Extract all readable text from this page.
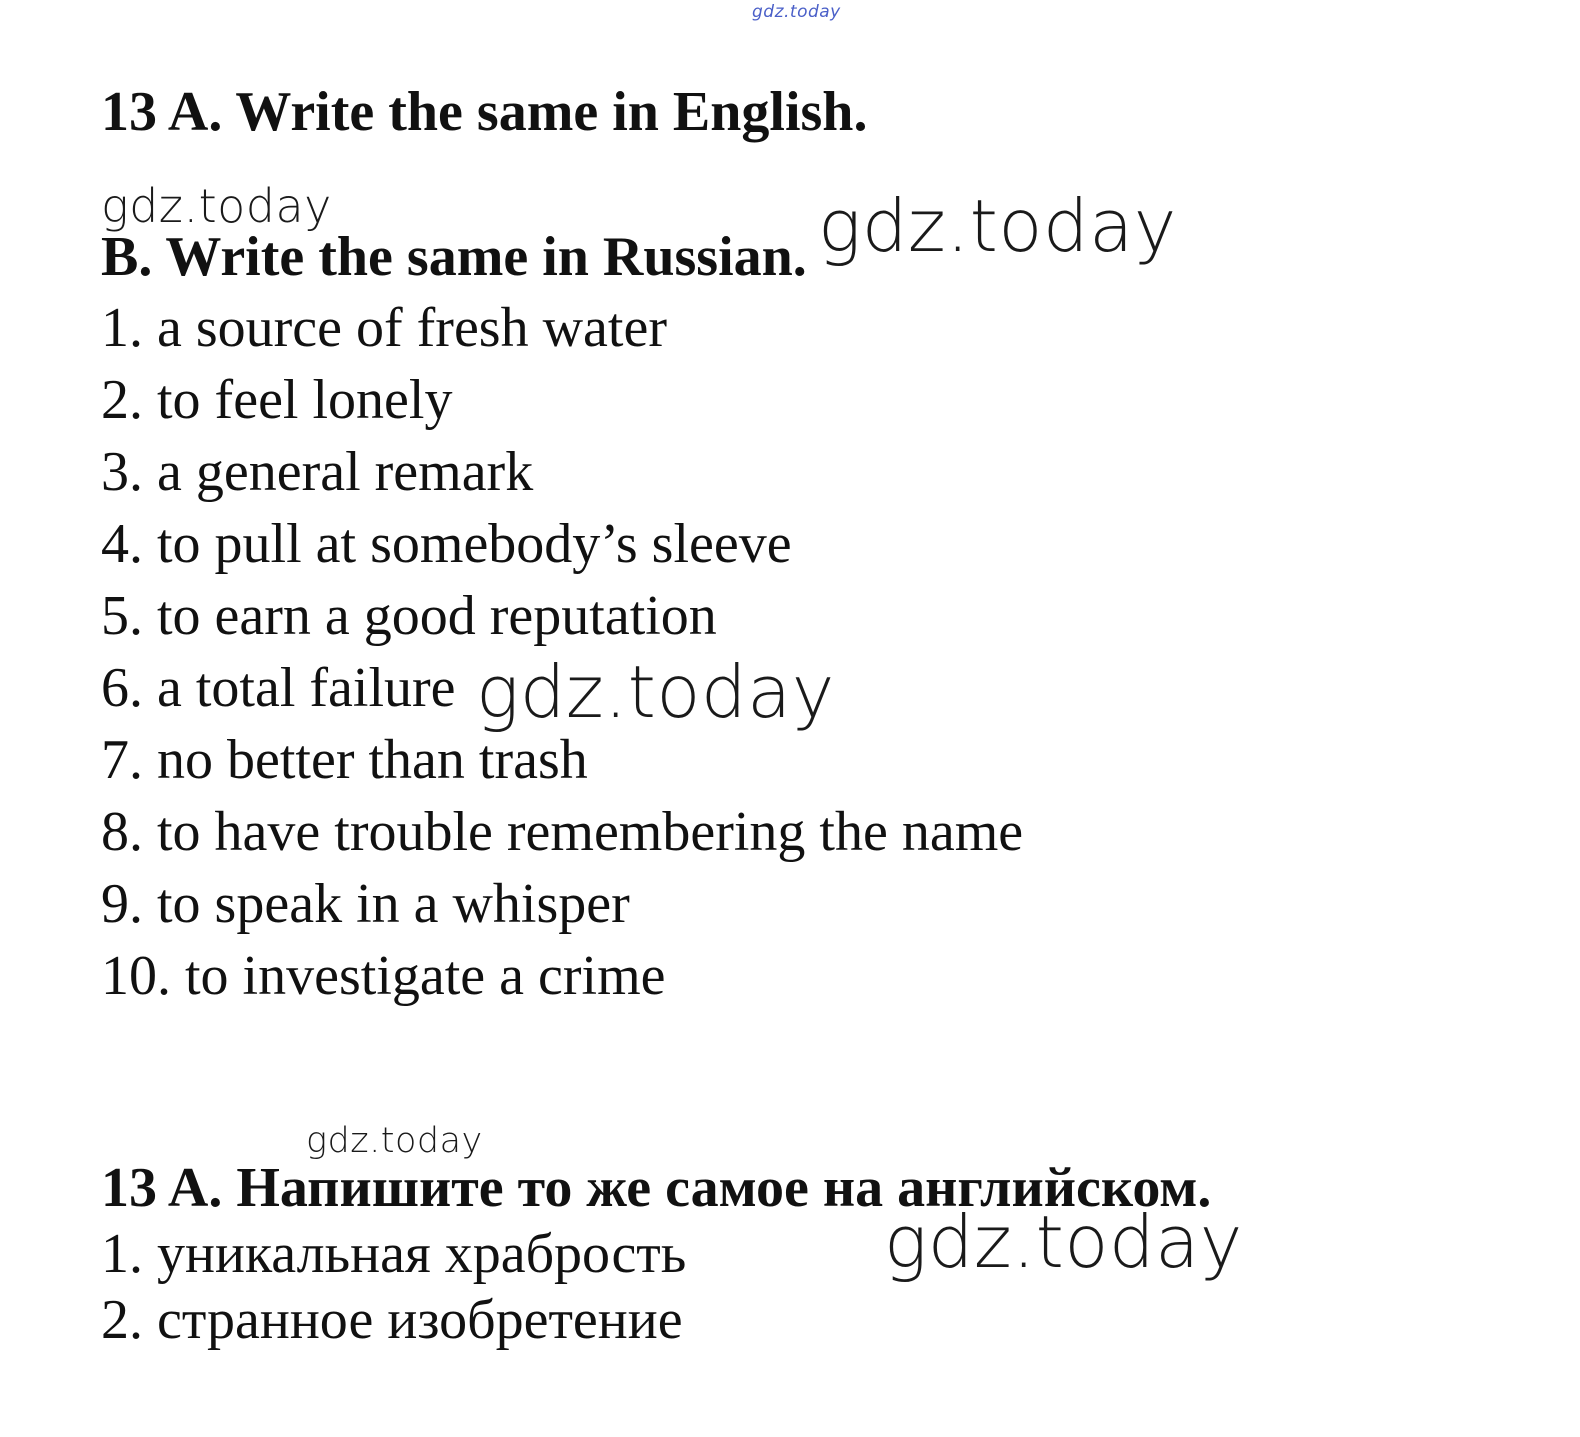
gdz.today
gdz.today	gdz.today
gdz.today
gdz.today
gdz.today
13 A. Write the same in English.
B. Write the same in Russian.
1. a source of fresh water
2. to feel lonely
3. a general remark
4. to pull at somebody’s sleeve
5. to earn a good reputation
6. a total failure
7. no better than trash
8. to have trouble remembering the name
9. to speak in a whisper
10. to investigate a crime
13 A. Напишите то же самое на английском.
1. уникальная храбрость
2. странное изобретение
